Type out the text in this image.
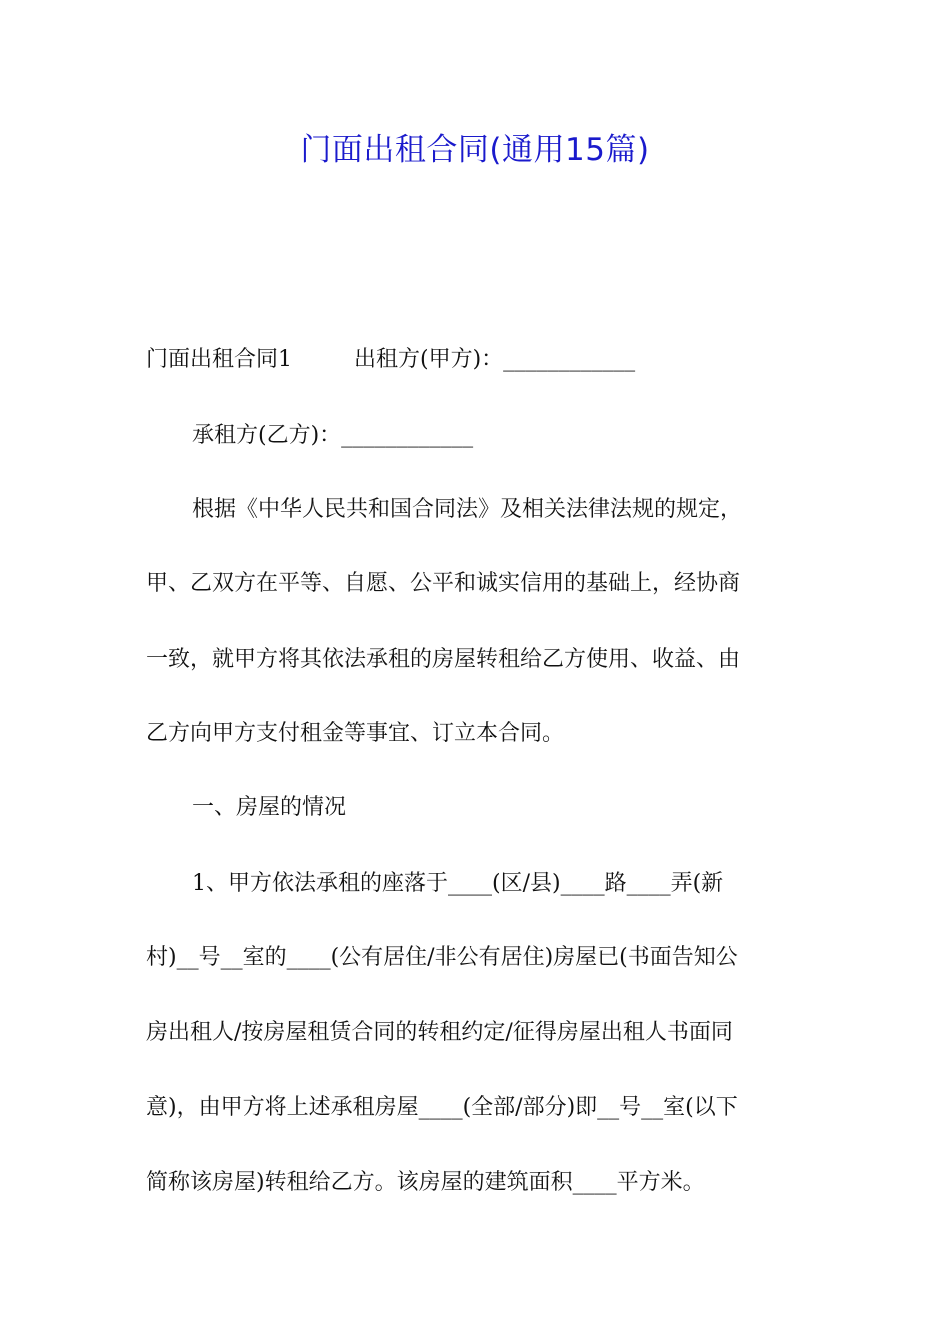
门面出租合同(通用15篇)
门面出租合同1	出租方(甲方)：____________
承租方(乙方)：____________
根据《中华人民共和国合同法》及相关法律法规的规定，
甲、乙双方在平等、自愿、公平和诚实信用的基础上，经协商
一致，就甲方将其依法承租的房屋转租给乙方使用、收益、由
乙方向甲方支付租金等事宜、订立本合同。
一、房屋的情况
1、甲方依法承租的座落于____(区/县)____路____弄(新
村)__号__室的____(公有居住/非公有居住)房屋已(书面告知公
房出租人/按房屋租赁合同的转租约定/征得房屋出租人书面同
意)，由甲方将上述承租房屋____(全部/部分)即__号__室(以下
简称该房屋)转租给乙方。该房屋的建筑面积____平方米。
